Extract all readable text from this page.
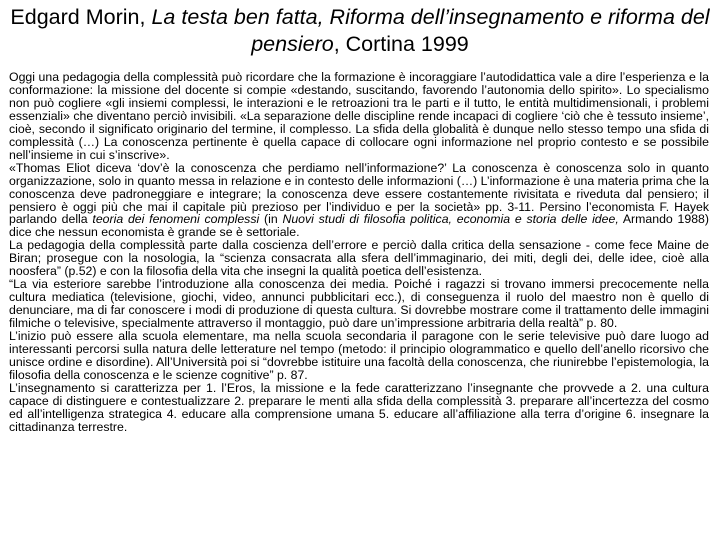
Edgard Morin, La testa ben fatta, Riforma dell’insegnamento e riforma del pensiero, Cortina 1999

Oggi una pedagogia della complessità può ricordare che la formazione è incoraggiare l’autodidattica vale a dire l’esperienza e la conformazione: la missione del docente si compie «destando, suscitando, favorendo l’autonomia dello spirito». Lo specialismo non può cogliere «gli insiemi complessi, le interazioni e le retroazioni tra le parti e il tutto, le entità multidimensionali, i problemi essenziali» che diventano perciò invisibili. «La separazione delle discipline rende incapaci di cogliere ‘ciò che è tessuto insieme’, cioè, secondo il significato originario del termine, il complesso. La sfida della globalità è dunque nello stesso tempo una sfida di complessità (…) La conoscenza pertinente è quella capace di collocare ogni informazione nel proprio contesto e se possibile nell’insieme in cui s’inscrive».

«Thomas Eliot diceva ‘dov’è la conoscenza che perdiamo nell’informazione?’ La conoscenza è conoscenza solo in quanto organizzazione, solo in quanto messa in relazione e in contesto delle informazioni (…) L’informazione è una materia prima che la conoscenza deve padroneggiare e integrare; la conoscenza deve essere costantemente rivisitata e riveduta dal pensiero; il pensiero è oggi più che mai il capitale più prezioso per l’individuo e per la società» pp. 3-11. Persino l’economista F. Hayek parlando della teoria dei fenomeni complessi (in Nuovi studi di filosofia politica, economia e storia delle idee, Armando 1988) dice che nessun economista è grande se è settoriale.

La pedagogia della complessità parte dalla coscienza dell’errore e perciò dalla critica della sensazione - come fece Maine de Biran; prosegue con la nosologia, la “scienza consacrata alla sfera dell’immaginario, dei miti, degli dei, delle idee, cioè alla noosfera” (p.52) e con la filosofia della vita che insegni la qualità poetica dell’esistenza.

“La via esteriore sarebbe l’introduzione alla conoscenza dei media. Poiché i ragazzi si trovano immersi precocemente nella cultura mediatica (televisione, giochi, video, annunci pubblicitari ecc.), di conseguenza il ruolo del maestro non è quello di denunciare, ma di far conoscere i modi di produzione di questa cultura. Si dovrebbe mostrare come il trattamento delle immagini filmiche o televisive, specialmente attraverso il montaggio, può dare un’impressione arbitraria della realtà” p. 80.

L’inizio può essere alla scuola elementare, ma nella scuola secondaria il paragone con le serie televisive può dare luogo ad interessanti percorsi sulla natura delle letterature nel tempo (metodo: il principio ologrammatico e quello dell’anello ricorsivo che unisce ordine e disordine). All’Università poi si “dovrebbe istituire una facoltà della conoscenza, che riunirebbe l’epistemologia, la filosofia della conoscenza e le scienze cognitive” p. 87.

L’insegnamento si caratterizza per 1. l’Eros, la missione e la fede caratterizzano l’insegnante che provvede a 2. una cultura capace di distinguere e contestualizzare 2. preparare le menti alla sfida della complessità 3. preparare all’incertezza del cosmo ed all’intelligenza strategica 4. educare alla comprensione umana 5. educare all’affiliazione alla terra d’origine 6. insegnare la cittadinanza terrestre.
